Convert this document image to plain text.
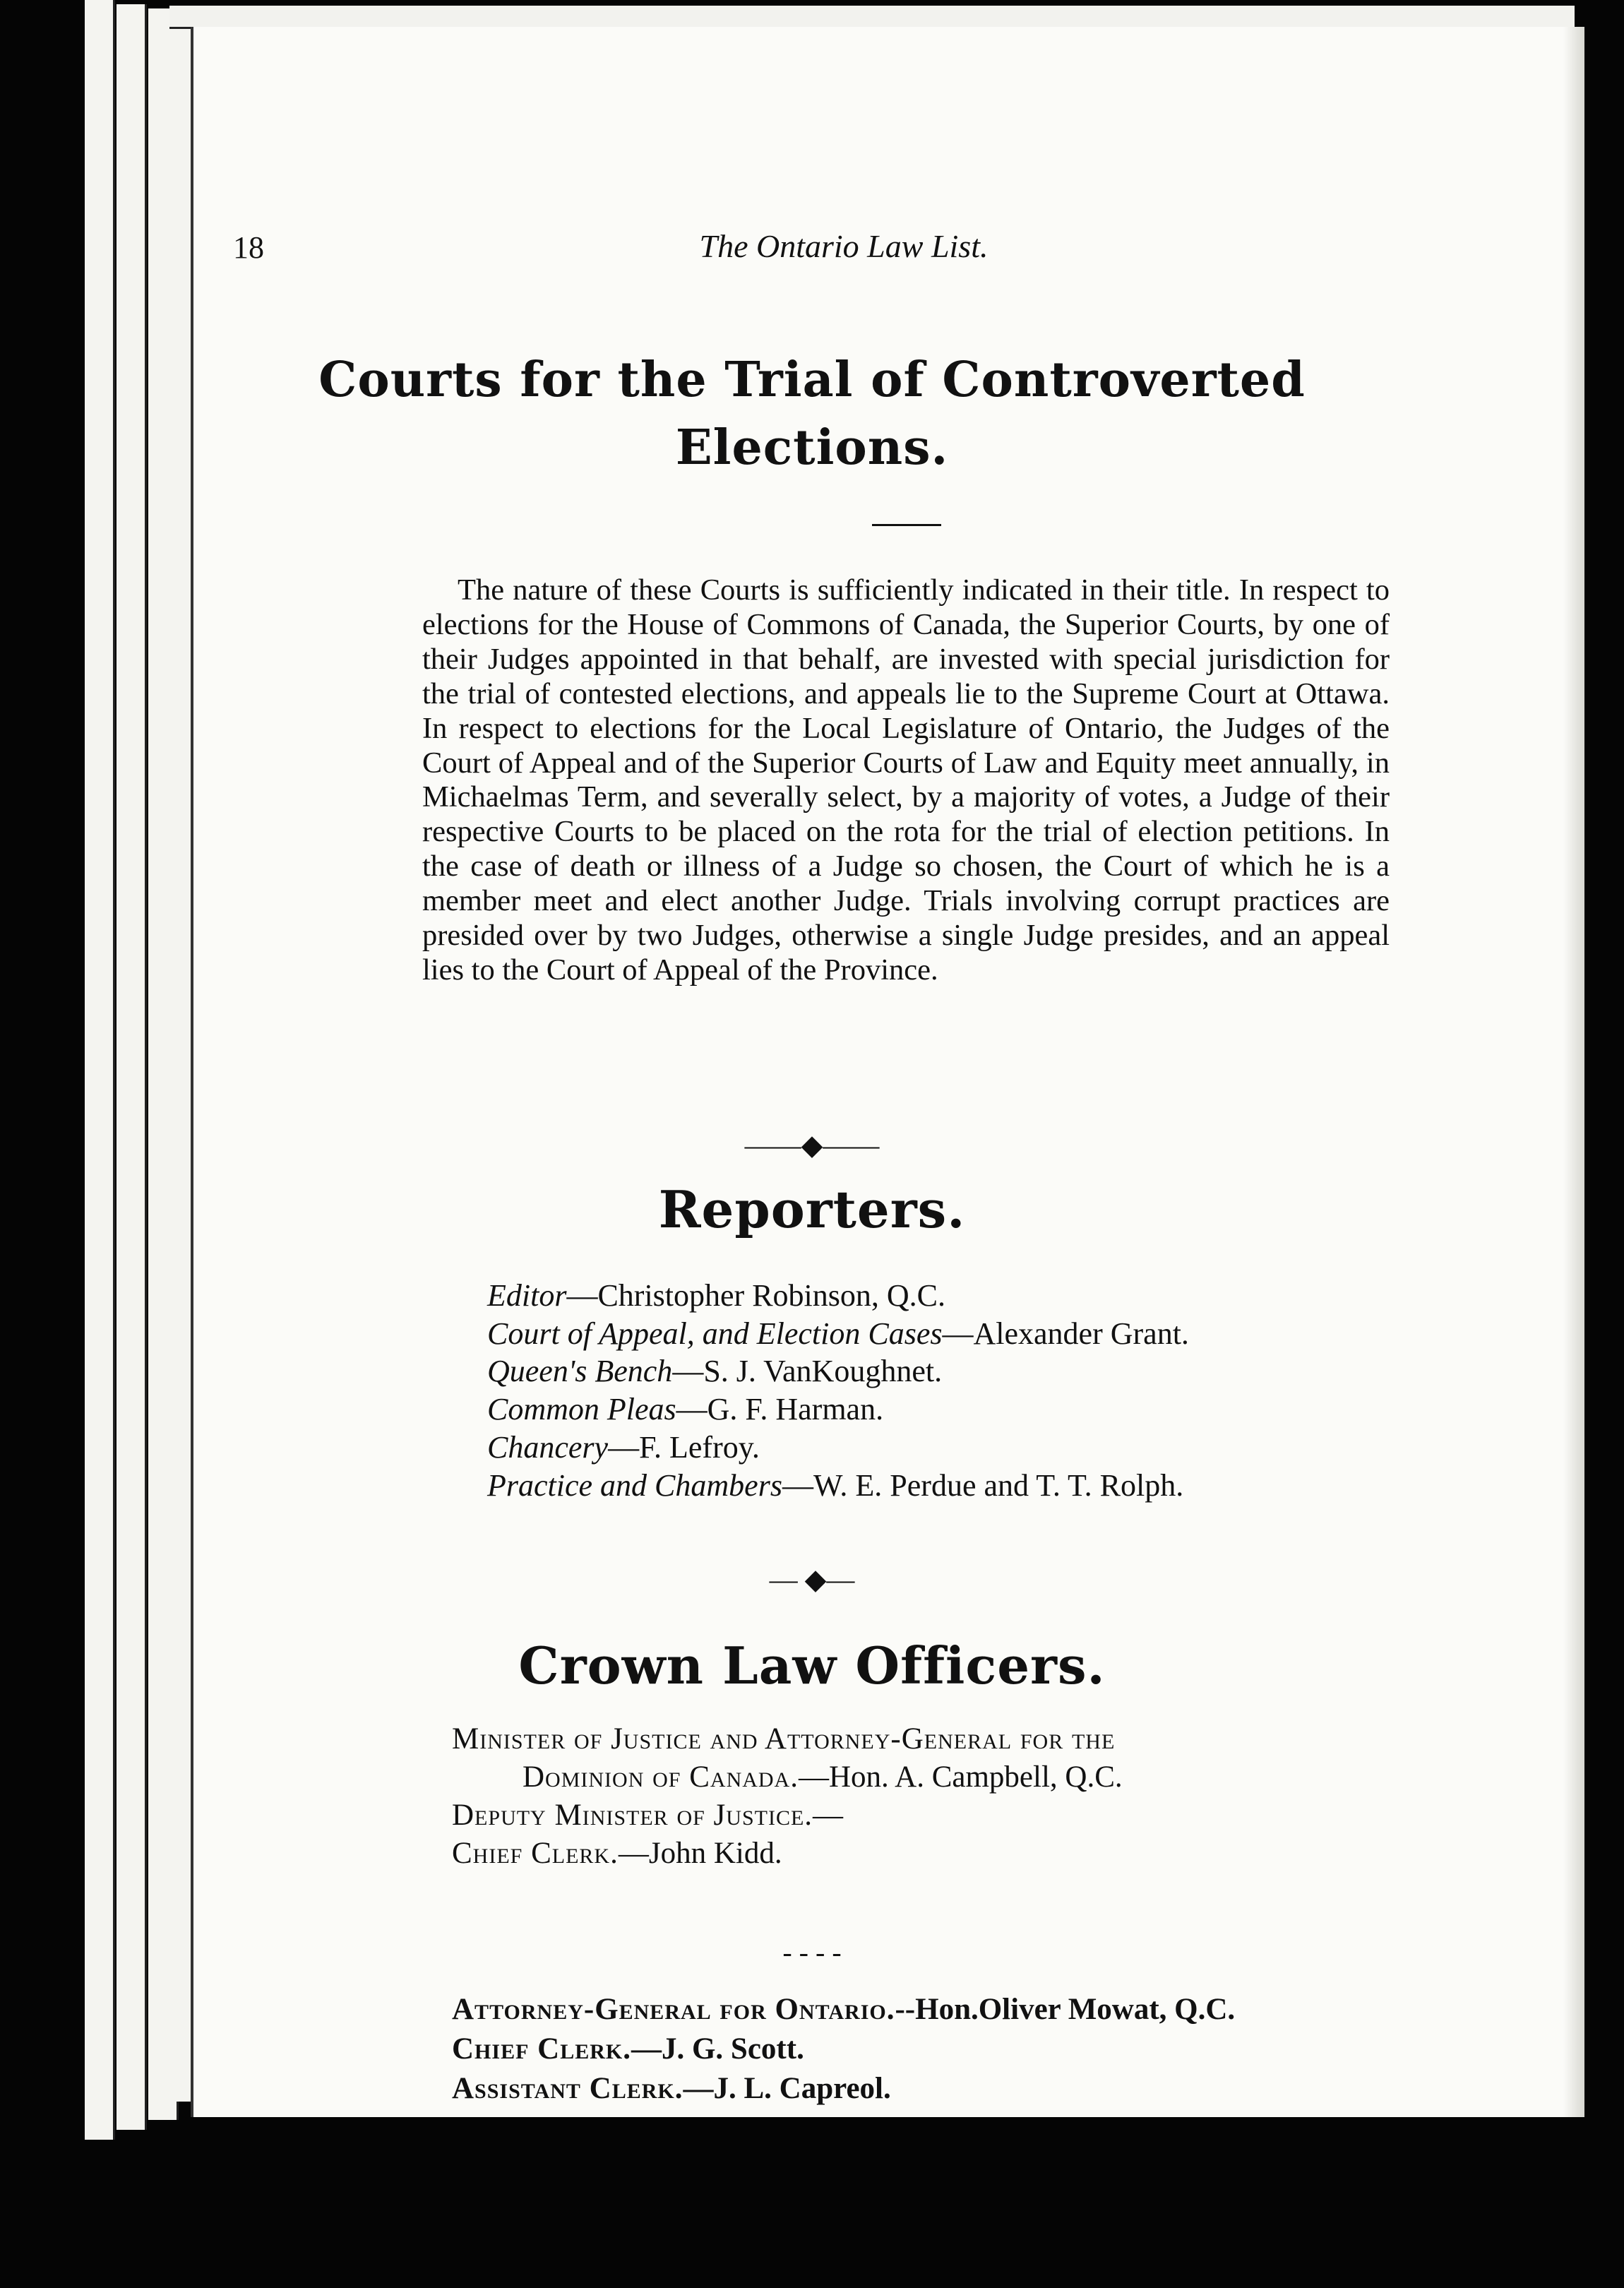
18	The Ontario Law List.
Courts for the Trial of Controverted
Elections.

The nature of these Courts is sufficiently indicated in their title. In respect to elections for the House of Commons of Canada, the Superior Courts, by one of their Judges appointed in that behalf, are invested with special jurisdiction for the trial of contested elections, and appeals lie to the Supreme Court at Ottawa. In respect to elections for the Local Legislature of Ontario, the Judges of the Court of Appeal and of the Superior Courts of Law and Equity meet annually, in Michaelmas Term, and severally select, by a majority of votes, a Judge of their respective Courts to be placed on the rota for the trial of election petitions. In the case of death or illness of a Judge so chosen, the Court of which he is a member meet and elect another Judge. Trials involving corrupt practices are presided over by two Judges, otherwise a single Judge presides, and an appeal lies to the Court of Appeal of the Province.

——◆——
Reporters.
Editor—Christopher Robinson, Q.C.
Court of Appeal, and Election Cases—Alexander Grant.
Queen's Bench—S. J. VanKoughnet.
Common Pleas—G. F. Harman.
Chancery—F. Lefroy.
Practice and Chambers—W. E. Perdue and T. T. Rolph.
— ◆—
Crown Law Officers.
Minister of Justice and Attorney-General for the
Dominion of Canada.—Hon. A. Campbell, Q.C.
Deputy Minister of Justice.—
Chief Clerk.—John Kidd.
- - - -
Attorney-General for Ontario.--Hon.Oliver Mowat, Q.C.
Chief Clerk.—J. G. Scott.
Assistant Clerk.—J. L. Capreol.
